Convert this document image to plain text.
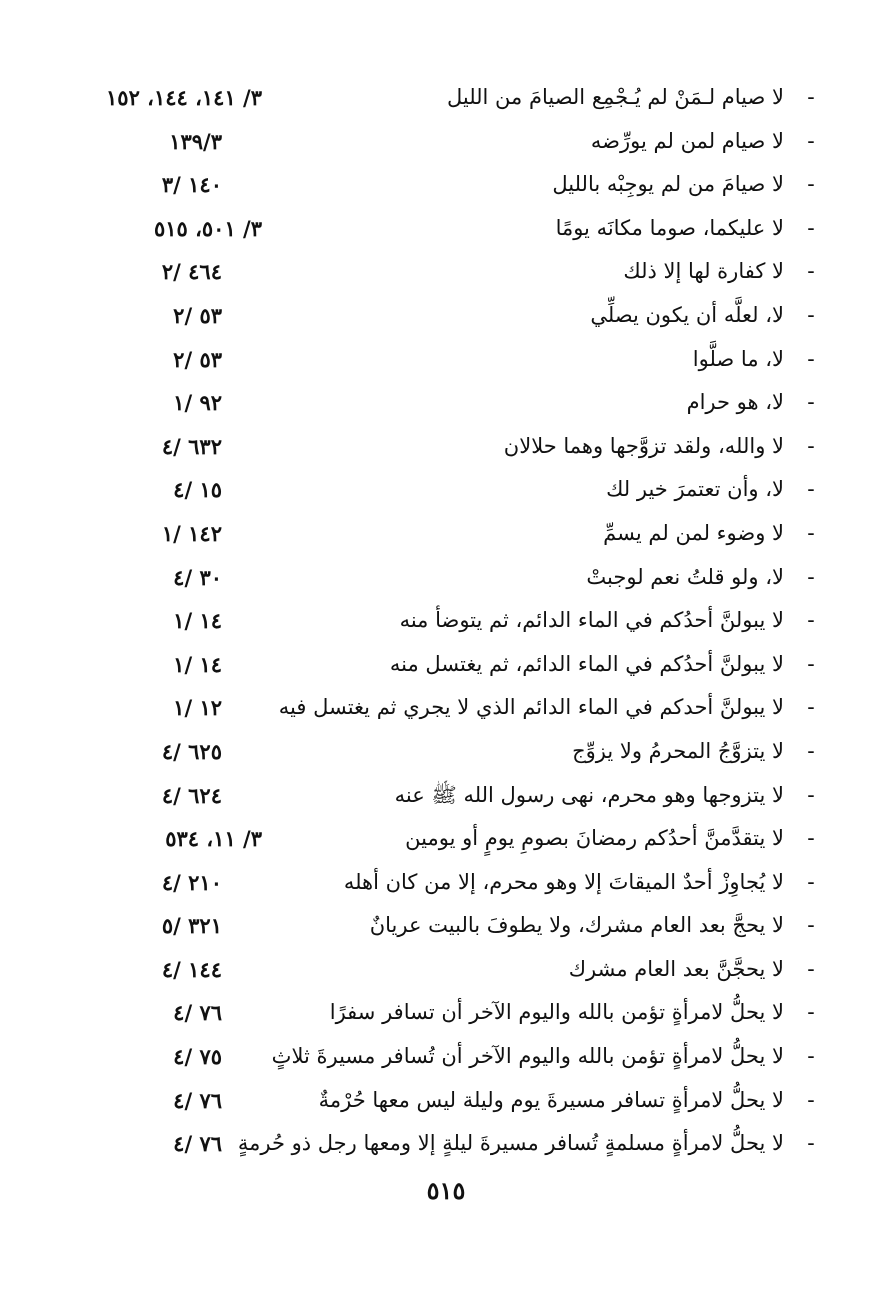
-
لا صيام لـمَنْ لم يُـجْمِع الصيامَ من الليل
٣/ ١٤١، ١٤٤، ١٥٢
-
لا صيام لمن لم يورِّضه
١٣٩/٣
-
لا صيامَ من لم يوجِبْه بالليل
١٤٠ /٣
-
لا عليكما، صوما مكانَه يومًا
٣/ ٥٠١، ٥١٥
-
لا كفارة لها إلا ذلك
٤٦٤ /٢
-
لا، لعلَّه أن يكون يصلِّي
٥٣ /٢
-
لا، ما صلَّوا
٥٣ /٢
-
لا، هو حرام
٩٢ /١
-
لا والله، ولقد تزوَّجها وهما حلالان
٦٣٢ /٤
-
لا، وأن تعتمرَ خير لك
١٥ /٤
-
لا وضوء لمن لم يسمِّ
١٤٢ /١
-
لا، ولو قلتُ نعم لوجبتْ
٣٠ /٤
-
لا يبولنَّ أحدُكم في الماء الدائم، ثم يتوضأ منه
١٤ /١
-
لا يبولنَّ أحدُكم في الماء الدائم، ثم يغتسل منه
١٤ /١
-
لا يبولنَّ أحدكم في الماء الدائم الذي لا يجري ثم يغتسل فيه
١٢ /١
-
لا يتزوَّجُ المحرمُ ولا يزوِّج
٦٢٥ /٤
-
لا يتزوجها وهو محرم، نهى رسول الله ﷺ عنه
٦٢٤ /٤
-
لا يتقدَّمنَّ أحدُكم رمضانَ بصومِ يومٍ أو يومين
٣/ ١١، ٥٣٤
-
لا يُجاوِزْ أحدٌ الميقاتَ إلا وهو محرم، إلا من كان أهله
٢١٠ /٤
-
لا يحجَّ بعد العام مشرك، ولا يطوفَ بالبيت عريانٌ
٣٢١ /٥
-
لا يحجَّنَّ بعد العام مشرك
١٤٤ /٤
-
لا يحلُّ لامرأةٍ تؤمن بالله واليوم الآخر أن تسافر سفرًا
٧٦ /٤
-
لا يحلُّ لامرأةٍ تؤمن بالله واليوم الآخر أن تُسافر مسيرةَ ثلاثٍ
٧٥ /٤
-
لا يحلُّ لامرأةٍ تسافر مسيرةَ يوم وليلة ليس معها حُرْمةٌ
٧٦ /٤
-
لا يحلُّ لامرأةٍ مسلمةٍ تُسافر مسيرةَ ليلةٍ إلا ومعها رجل ذو حُرمةٍ
٧٦ /٤
٥١٥
